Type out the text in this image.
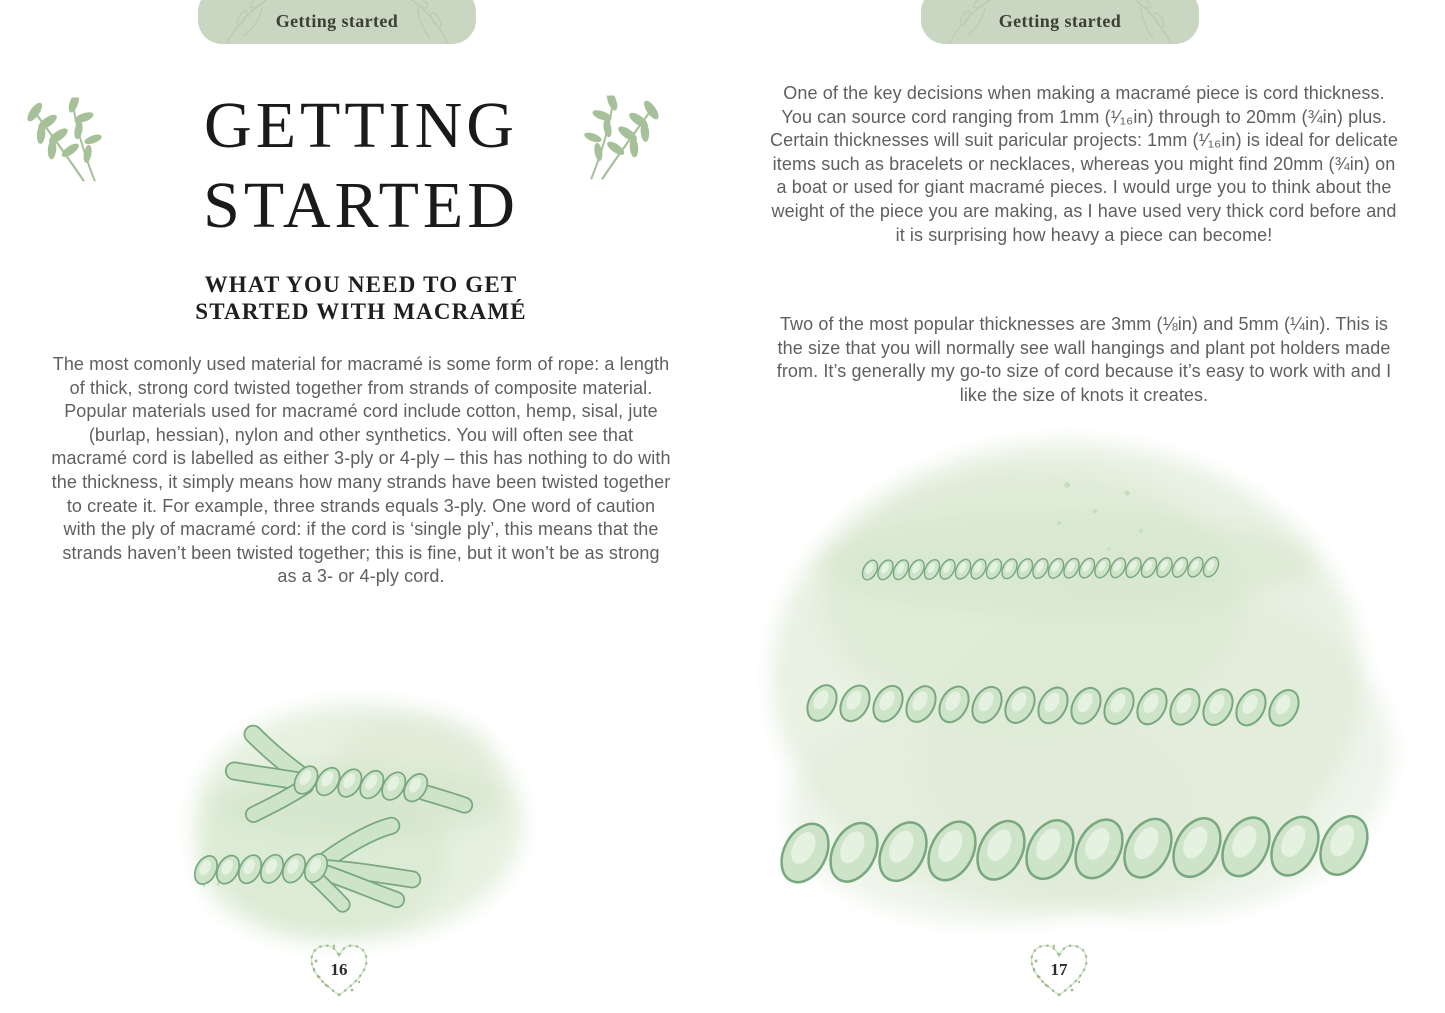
Getting started
GETTING
STARTED
WHAT YOU NEED TO GET
STARTED WITH MACRAMÉ
The most comonly used material for macramé is some form of rope: a length of thick, strong cord twisted together from strands of composite material. Popular materials used for macramé cord include cotton, hemp, sisal, jute (burlap, hessian), nylon and other synthetics. You will often see that macramé cord is labelled as either 3-ply or 4-ply – this has nothing to do with the thickness, it simply means how many strands have been twisted together to create it. For example, three strands equals 3-ply. One word of caution with the ply of macramé cord: if the cord is ‘single ply’, this means that the strands haven’t been twisted together; this is fine, but it won’t be as strong as a 3- or 4-ply cord.
16
Getting started
One of the key decisions when making a macramé piece is cord thickness. You can source cord ranging from 1mm (¹⁄₁₆in) through to 20mm (¾in) plus. Certain thicknesses will suit paricular projects: 1mm (¹⁄₁₆in) is ideal for delicate items such as bracelets or necklaces, whereas you might find 20mm (¾in) on a boat or used for giant macramé pieces. I would urge you to think about the weight of the piece you are making, as I have used very thick cord before and it is surprising how heavy a piece can become!
Two of the most popular thicknesses are 3mm (⅛in) and 5mm (¼in). This is the size that you will normally see wall hangings and plant pot holders made from. It’s generally my go-to size of cord because it’s easy to work with and I like the size of knots it creates.
17
